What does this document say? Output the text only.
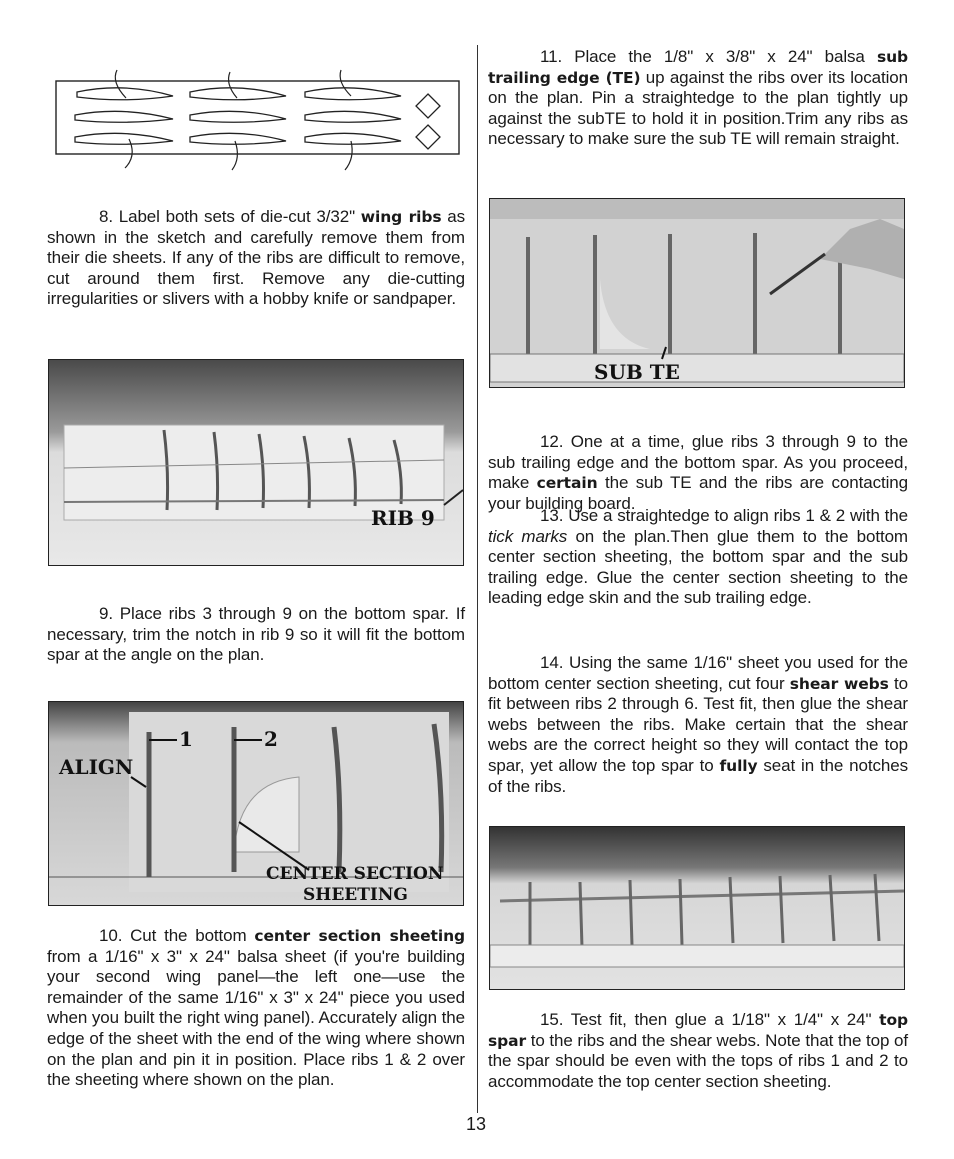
8. Label both sets of die-cut 3/32" wing ribs as shown in the sketch and carefully remove them from their die sheets. If any of the ribs are difficult to remove, cut around them first. Remove any die-cutting irregularities or slivers with a hobby knife or sandpaper.

RIB 9

9. Place ribs 3 through 9 on the bottom spar. If necessary, trim the notch in rib 9 so it will fit the bottom spar at the angle on the plan.

ALIGN
1	2
CENTER SECTION
SHEETING

10. Cut the bottom center section sheeting from a 1/16" x 3" x 24" balsa sheet (if you're building your second wing panel—the left one—use the remainder of the same 1/16" x 3" x 24" piece you used when you built the right wing panel). Accurately align the edge of the sheet with the end of the wing where shown on the plan and pin it in position. Place ribs 1 & 2 over the sheeting where shown on the plan.

11. Place the 1/8" x 3/8" x 24" balsa sub trailing edge (TE) up against the ribs over its location on the plan. Pin a straightedge to the plan tightly up against the subTE to hold it in position.Trim any ribs as necessary to make sure the sub TE will remain straight.

SUB TE

12. One at a time, glue ribs 3 through 9 to the sub trailing edge and the bottom spar. As you proceed, make certain the sub TE and the ribs are contacting your building board.

13. Use a straightedge to align ribs 1 & 2 with the tick marks on the plan.Then glue them to the bottom center section sheeting, the bottom spar and the sub trailing edge. Glue the center section sheeting to the leading edge skin and the sub trailing edge.

14. Using the same 1/16" sheet you used for the bottom center section sheeting, cut four shear webs to fit between ribs 2 through 6. Test fit, then glue the shear webs between the ribs. Make certain that the shear webs are the correct height so they will contact the top spar, yet allow the top spar to fully seat in the notches of the ribs.

15. Test fit, then glue a 1/18" x 1/4" x 24" top spar to the ribs and the shear webs. Note that the top of the spar should be even with the tops of ribs 1 and 2 to accommodate the top center section sheeting.

13
